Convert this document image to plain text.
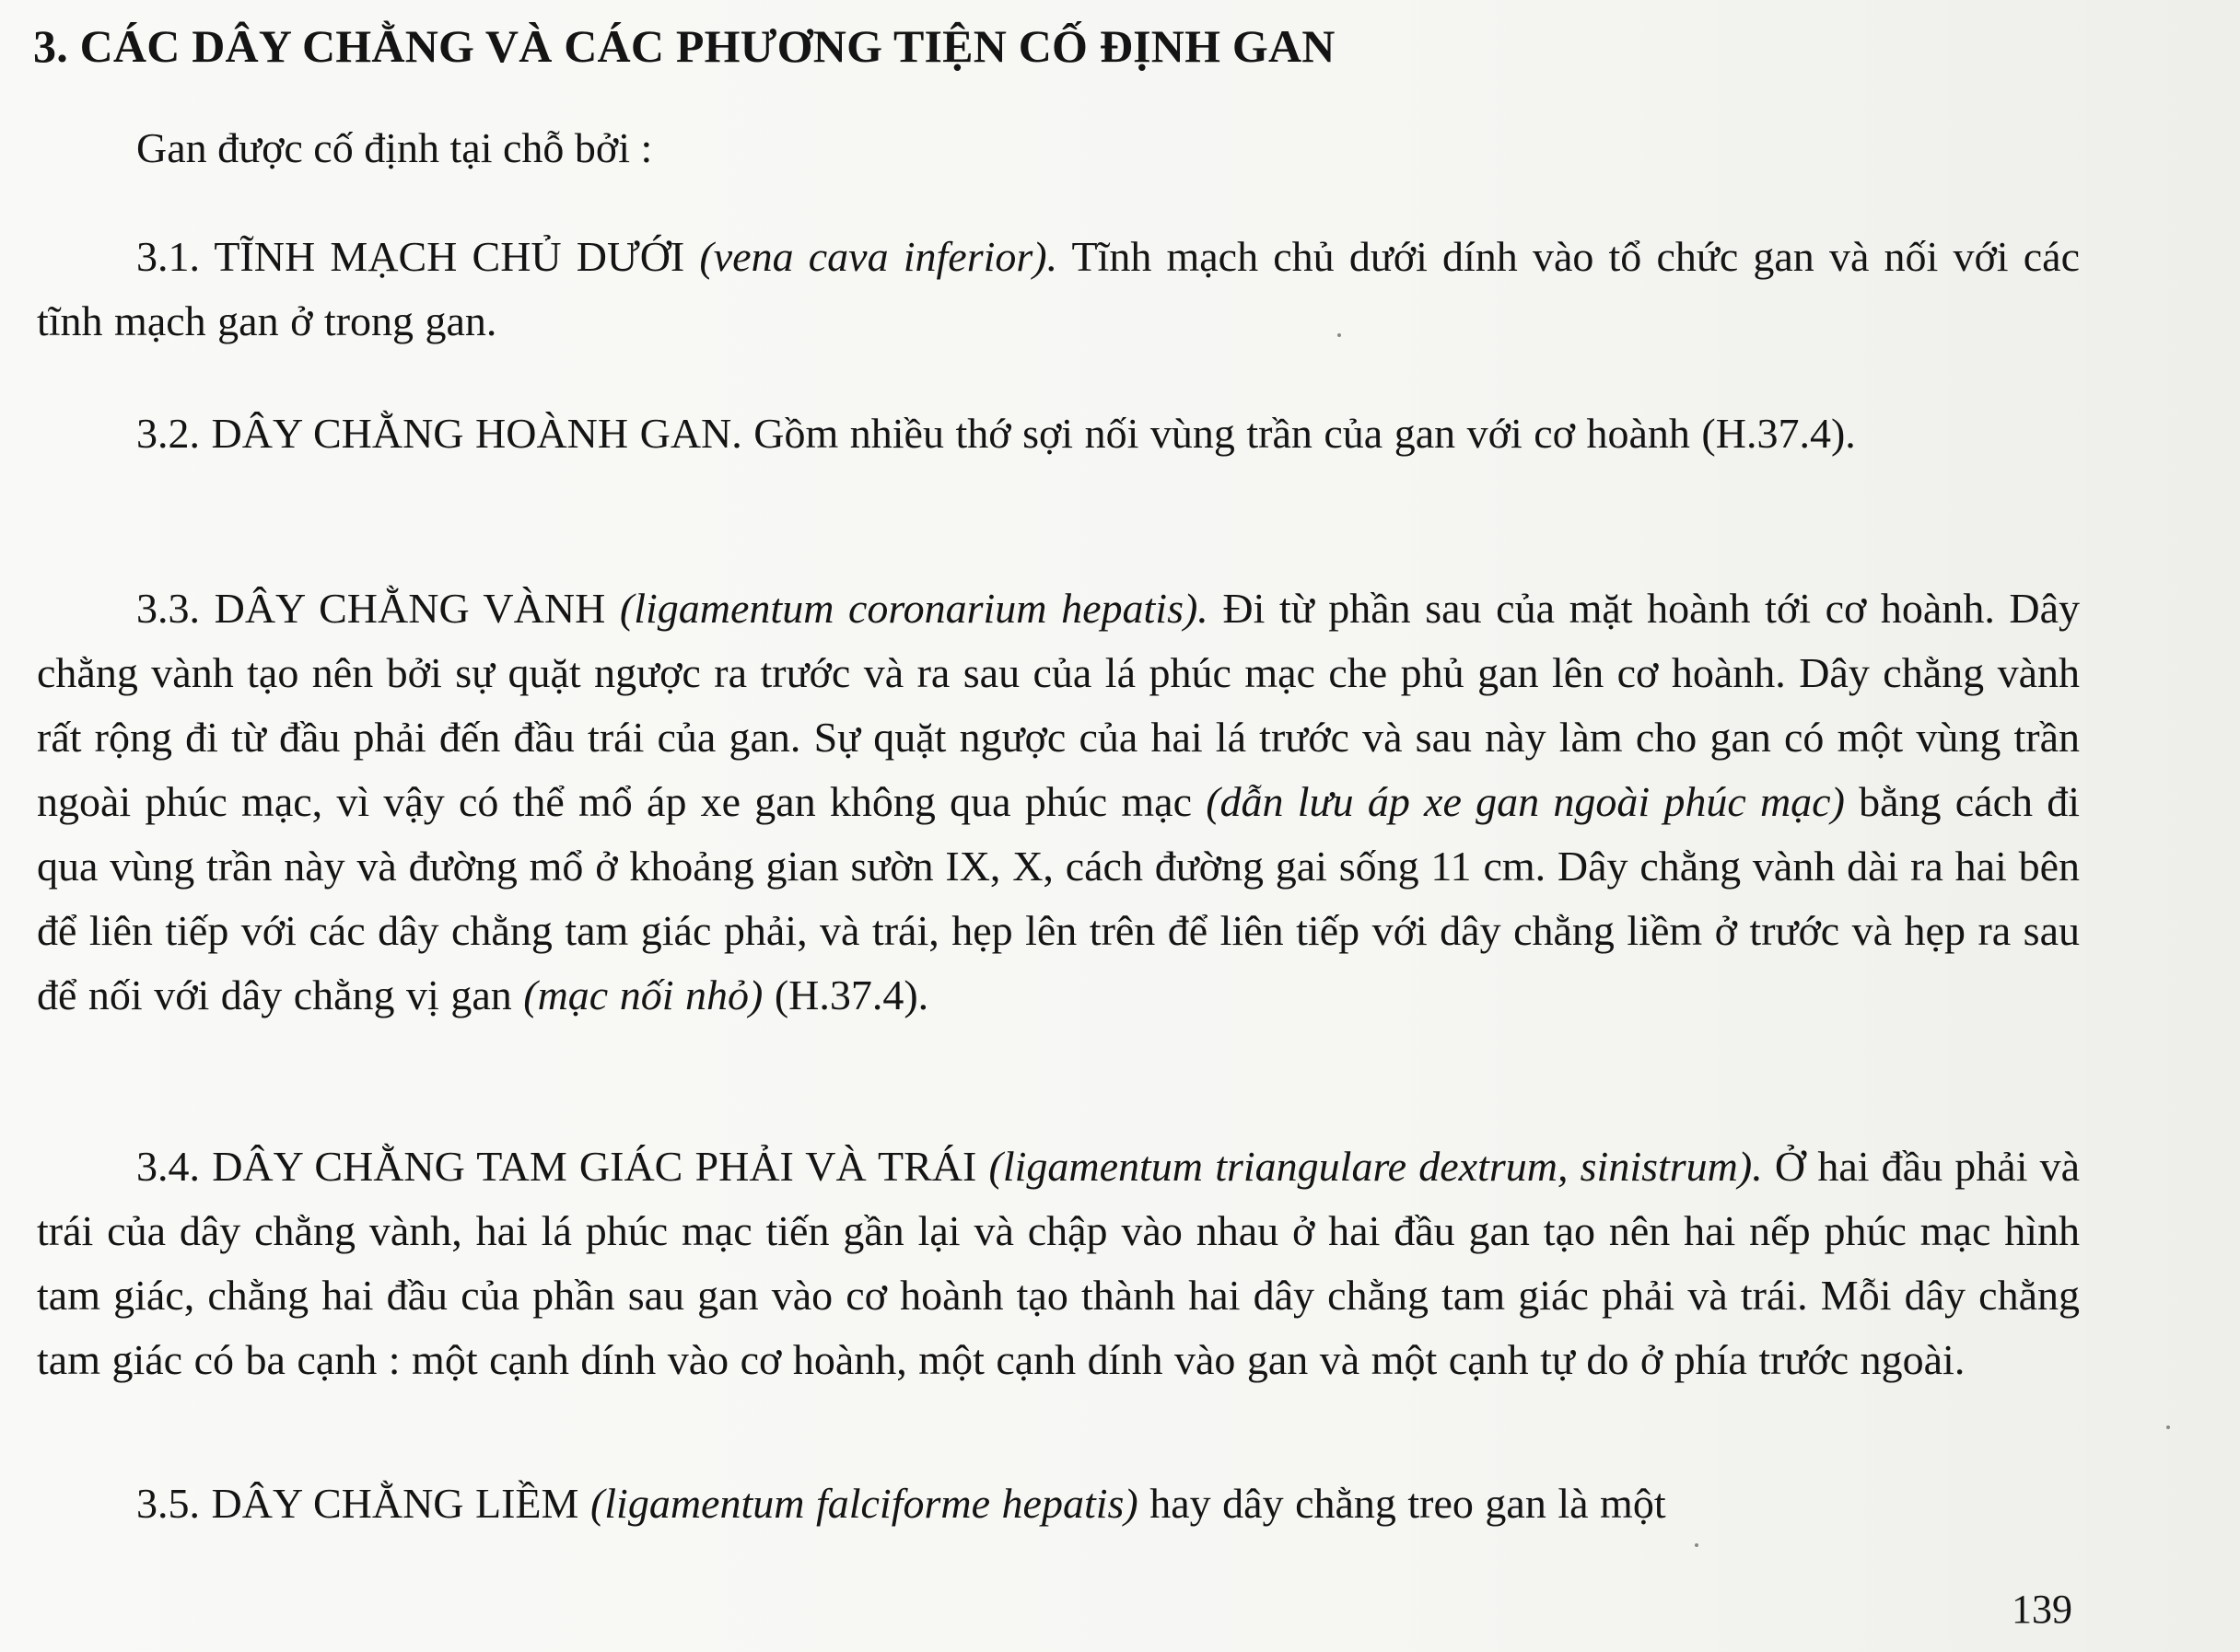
3. CÁC DÂY CHẰNG VÀ CÁC PHƯƠNG TIỆN CỐ ĐỊNH GAN
Gan được cố định tại chỗ bởi :
3.1. TĨNH MẠCH CHỦ DƯỚI (vena cava inferior). Tĩnh mạch chủ dưới dính vào tổ chức gan và nối với các tĩnh mạch gan ở trong gan.
3.2. DÂY CHẰNG HOÀNH GAN. Gồm nhiều thớ sợi nối vùng trần của gan với cơ hoành (H.37.4).
3.3. DÂY CHẰNG VÀNH (ligamentum coronarium hepatis). Đi từ phần sau của mặt hoành tới cơ hoành. Dây chằng vành tạo nên bởi sự quặt ngược ra trước và ra sau của lá phúc mạc che phủ gan lên cơ hoành. Dây chằng vành rất rộng đi từ đầu phải đến đầu trái của gan. Sự quặt ngược của hai lá trước và sau này làm cho gan có một vùng trần ngoài phúc mạc, vì vậy có thể mổ áp xe gan không qua phúc mạc (dẫn lưu áp xe gan ngoài phúc mạc) bằng cách đi qua vùng trần này và đường mổ ở khoảng gian sườn IX, X, cách đường gai sống 11 cm. Dây chằng vành dài ra hai bên để liên tiếp với các dây chằng tam giác phải, và trái, hẹp lên trên để liên tiếp với dây chằng liềm ở trước và hẹp ra sau để nối với dây chằng vị gan (mạc nối nhỏ) (H.37.4).
3.4. DÂY CHẰNG TAM GIÁC PHẢI VÀ TRÁI (ligamentum triangulare dextrum, sinistrum). Ở hai đầu phải và trái của dây chằng vành, hai lá phúc mạc tiến gần lại và chập vào nhau ở hai đầu gan tạo nên hai nếp phúc mạc hình tam giác, chằng hai đầu của phần sau gan vào cơ hoành tạo thành hai dây chằng tam giác phải và trái. Mỗi dây chằng tam giác có ba cạnh : một cạnh dính vào cơ hoành, một cạnh dính vào gan và một cạnh tự do ở phía trước ngoài.
3.5. DÂY CHẰNG LIỀM (ligamentum falciforme hepatis) hay dây chằng treo gan là một
139
